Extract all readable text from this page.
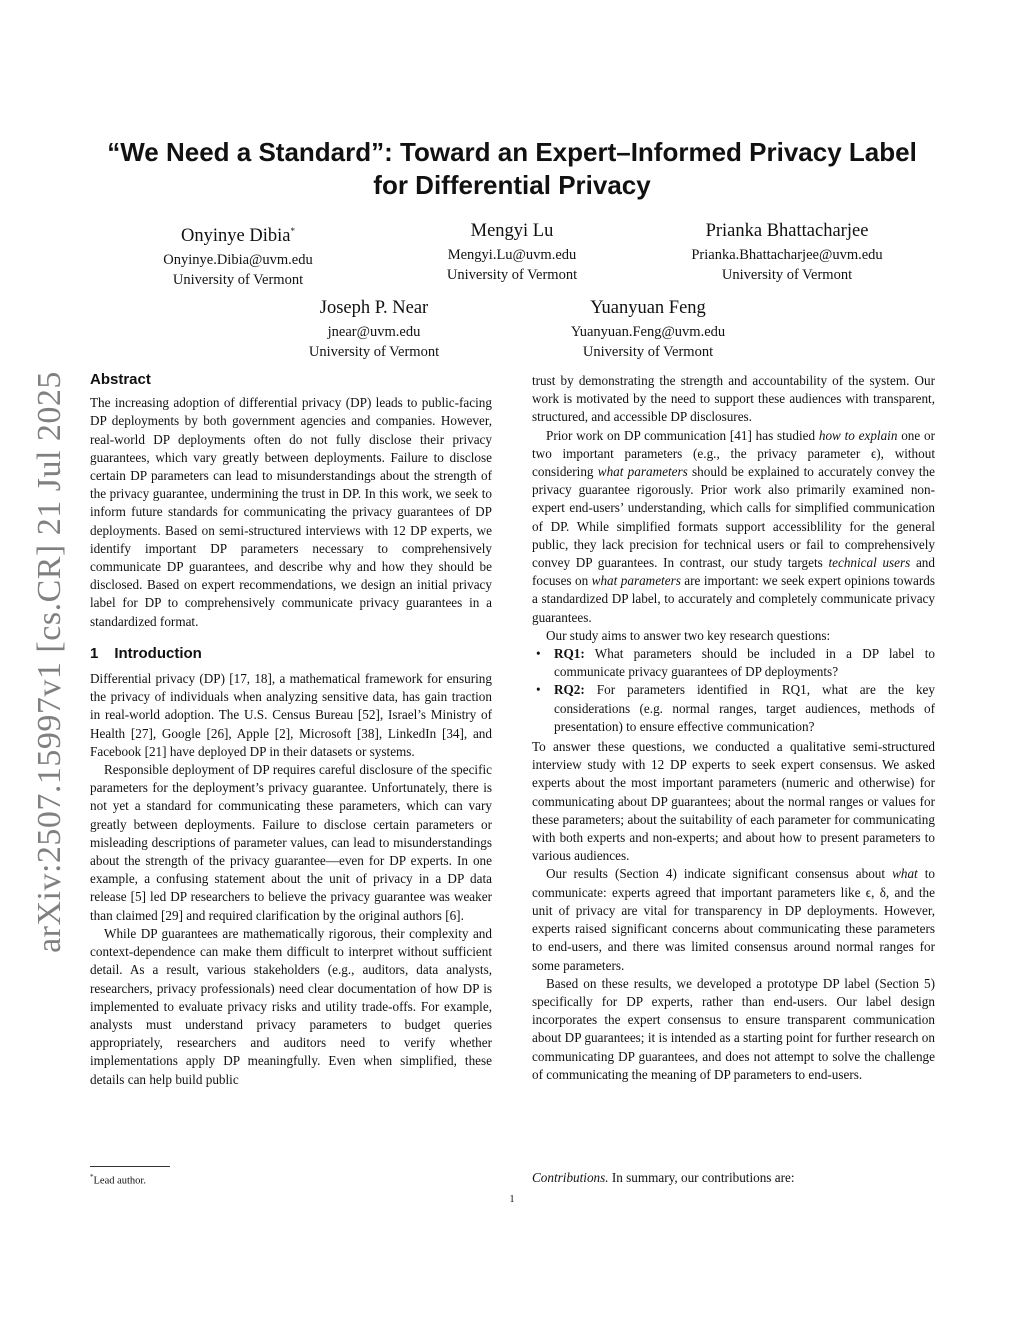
arXiv:2507.15997v1 [cs.CR] 21 Jul 2025
“We Need a Standard”: Toward an Expert–Informed Privacy Label
for Differential Privacy
Onyinye Dibia*
Onyinye.Dibia@uvm.edu
University of Vermont
Mengyi Lu
Mengyi.Lu@uvm.edu
University of Vermont
Prianka Bhattacharjee
Prianka.Bhattacharjee@uvm.edu
University of Vermont
Joseph P. Near
jnear@uvm.edu
University of Vermont
Yuanyuan Feng
Yuanyuan.Feng@uvm.edu
University of Vermont
Abstract

The increasing adoption of differential privacy (DP) leads to public-facing DP deployments by both government agencies and companies. However, real-world DP deployments often do not fully disclose their privacy guarantees, which vary greatly between deployments. Failure to disclose certain DP parameters can lead to misunderstandings about the strength of the privacy guarantee, undermining the trust in DP. In this work, we seek to inform future standards for communicating the privacy guarantees of DP deployments. Based on semi-structured interviews with 12 DP experts, we identify important DP parameters necessary to comprehensively communicate DP guarantees, and describe why and how they should be disclosed. Based on expert recommendations, we design an initial privacy label for DP to comprehensively communicate privacy guarantees in a standardized format.

1 Introduction

Differential privacy (DP) [17, 18], a mathematical framework for ensuring the privacy of individuals when analyzing sensitive data, has gain traction in real-world adoption. The U.S. Census Bureau [52], Israel’s Ministry of Health [27], Google [26], Apple [2], Microsoft [38], LinkedIn [34], and Facebook [21] have deployed DP in their datasets or systems.

Responsible deployment of DP requires careful disclosure of the specific parameters for the deployment’s privacy guarantee. Unfortunately, there is not yet a standard for communicating these parameters, which can vary greatly between deployments. Failure to disclose certain parameters or misleading descriptions of parameter values, can lead to misunderstandings about the strength of the privacy guarantee—even for DP experts. In one example, a confusing statement about the unit of privacy in a DP data release [5] led DP researchers to believe the privacy guarantee was weaker than claimed [29] and required clarification by the original authors [6].

While DP guarantees are mathematically rigorous, their complexity and context-dependence can make them difficult to interpret without sufficient detail. As a result, various stakeholders (e.g., auditors, data analysts, researchers, privacy professionals) need clear documentation of how DP is implemented to evaluate privacy risks and utility trade-offs. For example, analysts must understand privacy parameters to budget queries appropriately, researchers and auditors need to verify whether implementations apply DP meaningfully. Even when simplified, these details can help build public

trust by demonstrating the strength and accountability of the system. Our work is motivated by the need to support these audiences with transparent, structured, and accessible DP disclosures.

Prior work on DP communication [41] has studied how to explain one or two important parameters (e.g., the privacy parameter ϵ), without considering what parameters should be explained to accurately convey the privacy guarantee rigorously. Prior work also primarily examined non-expert end-users’ understanding, which calls for simplified communication of DP. While simplified formats support accessiblility for the general public, they lack precision for technical users or fail to comprehensively convey DP guarantees. In contrast, our study targets technical users and focuses on what parameters are important: we seek expert opinions towards a standardized DP label, to accurately and completely communicate privacy guarantees.

Our study aims to answer two key research questions:

• RQ1: What parameters should be included in a DP label to communicate privacy guarantees of DP deployments?
• RQ2: For parameters identified in RQ1, what are the key considerations (e.g. normal ranges, target audiences, methods of presentation) to ensure effective communication?

To answer these questions, we conducted a qualitative semi-structured interview study with 12 DP experts to seek expert consensus. We asked experts about the most important parameters (numeric and otherwise) for communicating about DP guarantees; about the normal ranges or values for these parameters; about the suitability of each parameter for communicating with both experts and non-experts; and about how to present parameters to various audiences.

Our results (Section 4) indicate significant consensus about what to communicate: experts agreed that important parameters like ϵ, δ, and the unit of privacy are vital for transparency in DP deployments. However, experts raised significant concerns about communicating these parameters to end-users, and there was limited consensus around normal ranges for some parameters.

Based on these results, we developed a prototype DP label (Section 5) specifically for DP experts, rather than end-users. Our label design incorporates the expert consensus to ensure transparent communication about DP guarantees; it is intended as a starting point for further research on communicating DP guarantees, and does not attempt to solve the challenge of communicating the meaning of DP parameters to end-users.

Contributions. In summary, our contributions are:
*Lead author.
1
